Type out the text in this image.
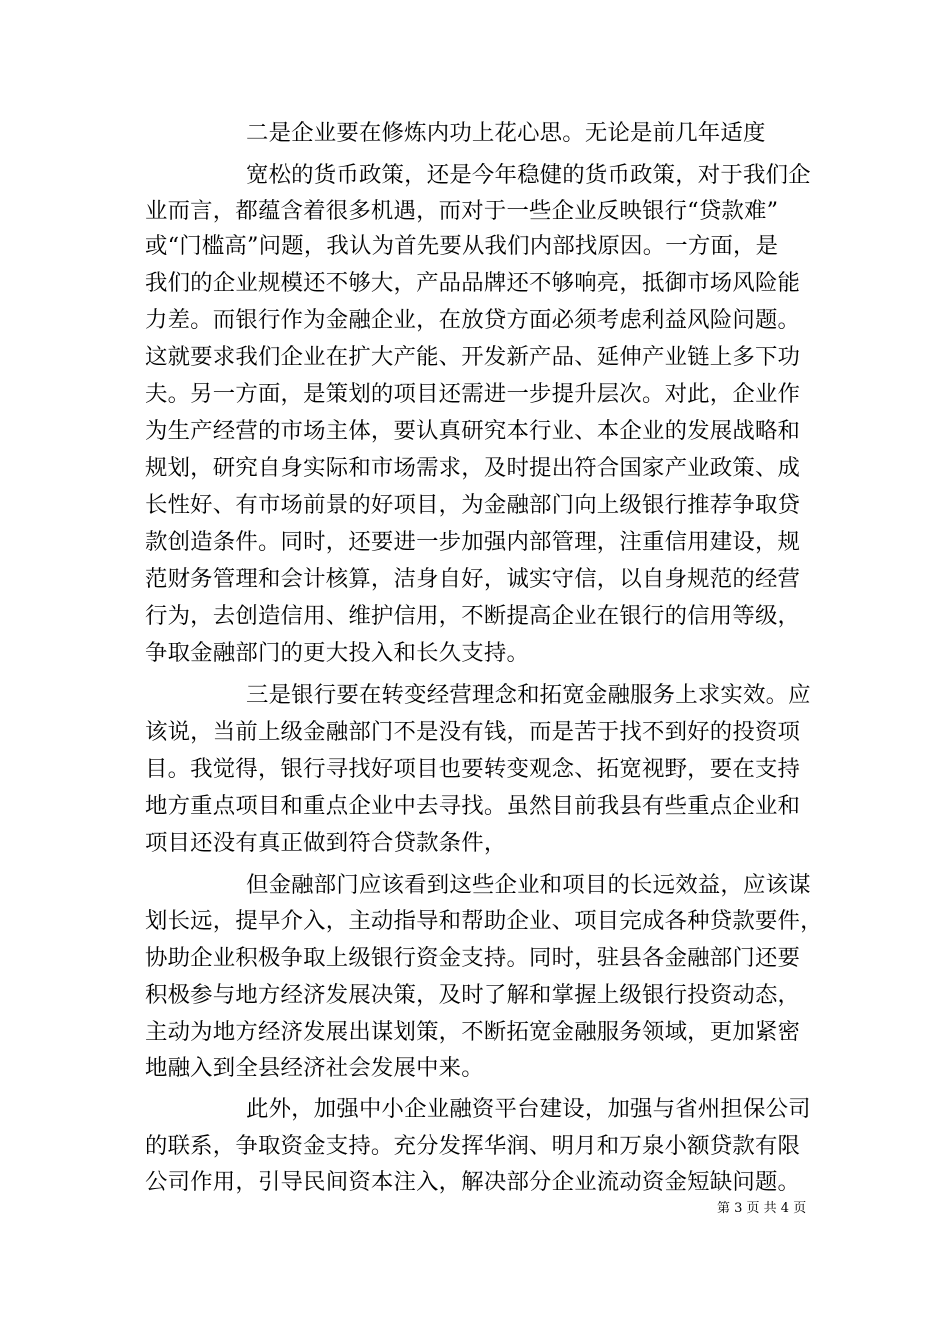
二是企业要在修炼内功上花心思。无论是前几年适度
宽松的货币政策，还是今年稳健的货币政策，对于我们企
业而言，都蕴含着很多机遇，而对于一些企业反映银行“贷款难”
或“门槛高”问题，我认为首先要从我们内部找原因。一方面，是
我们的企业规模还不够大，产品品牌还不够响亮，抵御市场风险能
力差。而银行作为金融企业，在放贷方面必须考虑利益风险问题。
这就要求我们企业在扩大产能、开发新产品、延伸产业链上多下功
夫。另一方面，是策划的项目还需进一步提升层次。对此，企业作
为生产经营的市场主体，要认真研究本行业、本企业的发展战略和
规划，研究自身实际和市场需求，及时提出符合国家产业政策、成
长性好、有市场前景的好项目，为金融部门向上级银行推荐争取贷
款创造条件。同时，还要进一步加强内部管理，注重信用建设，规
范财务管理和会计核算，洁身自好，诚实守信，以自身规范的经营
行为，去创造信用、维护信用，不断提高企业在银行的信用等级，
争取金融部门的更大投入和长久支持。
三是银行要在转变经营理念和拓宽金融服务上求实效。应
该说，当前上级金融部门不是没有钱，而是苦于找不到好的投资项
目。我觉得，银行寻找好项目也要转变观念、拓宽视野，要在支持
地方重点项目和重点企业中去寻找。虽然目前我县有些重点企业和
项目还没有真正做到符合贷款条件，
但金融部门应该看到这些企业和项目的长远效益，应该谋
划长远，提早介入，主动指导和帮助企业、项目完成各种贷款要件，
协助企业积极争取上级银行资金支持。同时，驻县各金融部门还要
积极参与地方经济发展决策，及时了解和掌握上级银行投资动态，
主动为地方经济发展出谋划策，不断拓宽金融服务领域，更加紧密
地融入到全县经济社会发展中来。
此外，加强中小企业融资平台建设，加强与省州担保公司
的联系，争取资金支持。充分发挥华润、明月和万泉小额贷款有限
公司作用，引导民间资本注入，解决部分企业流动资金短缺问题。
第 3 页 共 4 页
